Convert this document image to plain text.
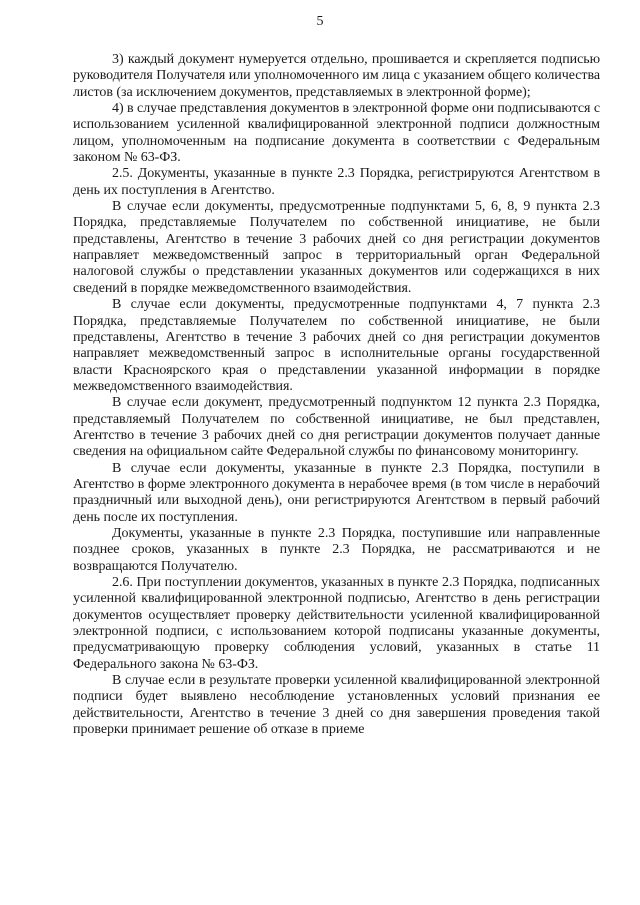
5

3) каждый документ нумеруется отдельно, прошивается и скрепляется подписью руководителя Получателя или уполномоченного им лица с указанием общего количества листов (за исключением документов, представляемых в электронной форме);

4) в случае представления документов в электронной форме они подписываются с использованием усиленной квалифицированной электронной подписи должностным лицом, уполномоченным на подписание документа в соответствии с Федеральным законом № 63-ФЗ.

2.5. Документы, указанные в пункте 2.3 Порядка, регистрируются Агентством в день их поступления в Агентство.

В случае если документы, предусмотренные подпунктами 5, 6, 8, 9 пункта 2.3 Порядка, представляемые Получателем по собственной инициативе, не были представлены, Агентство в течение 3 рабочих дней со дня регистрации документов направляет межведомственный запрос в территориальный орган Федеральной налоговой службы о представлении указанных документов или содержащихся в них сведений в порядке межведомственного взаимодействия.

В случае если документы, предусмотренные подпунктами 4, 7 пункта 2.3 Порядка, представляемые Получателем по собственной инициативе, не были представлены, Агентство в течение 3 рабочих дней со дня регистрации документов направляет межведомственный запрос в исполнительные органы государственной власти Красноярского края о представлении указанной информации в порядке межведомственного взаимодействия.

В случае если документ, предусмотренный подпунктом 12 пункта 2.3 Порядка, представляемый Получателем по собственной инициативе, не был представлен, Агентство в течение 3 рабочих дней со дня регистрации документов получает данные сведения на официальном сайте Федеральной службы по финансовому мониторингу.

В случае если документы, указанные в пункте 2.3 Порядка, поступили в Агентство в форме электронного документа в нерабочее время (в том числе в нерабочий праздничный или выходной день), они регистрируются Агентством в первый рабочий день после их поступления.

Документы, указанные в пункте 2.3 Порядка, поступившие или направленные позднее сроков, указанных в пункте 2.3 Порядка, не рассматриваются и не возвращаются Получателю.

2.6. При поступлении документов, указанных в пункте 2.3 Порядка, подписанных усиленной квалифицированной электронной подписью, Агентство в день регистрации документов осуществляет проверку действительности усиленной квалифицированной электронной подписи, с использованием которой подписаны указанные документы, предусматривающую проверку соблюдения условий, указанных в статье 11 Федерального закона № 63-ФЗ.

В случае если в результате проверки усиленной квалифицированной электронной подписи будет выявлено несоблюдение установленных условий признания ее действительности, Агентство в течение 3 дней со дня завершения проведения такой проверки принимает решение об отказе в приеме
